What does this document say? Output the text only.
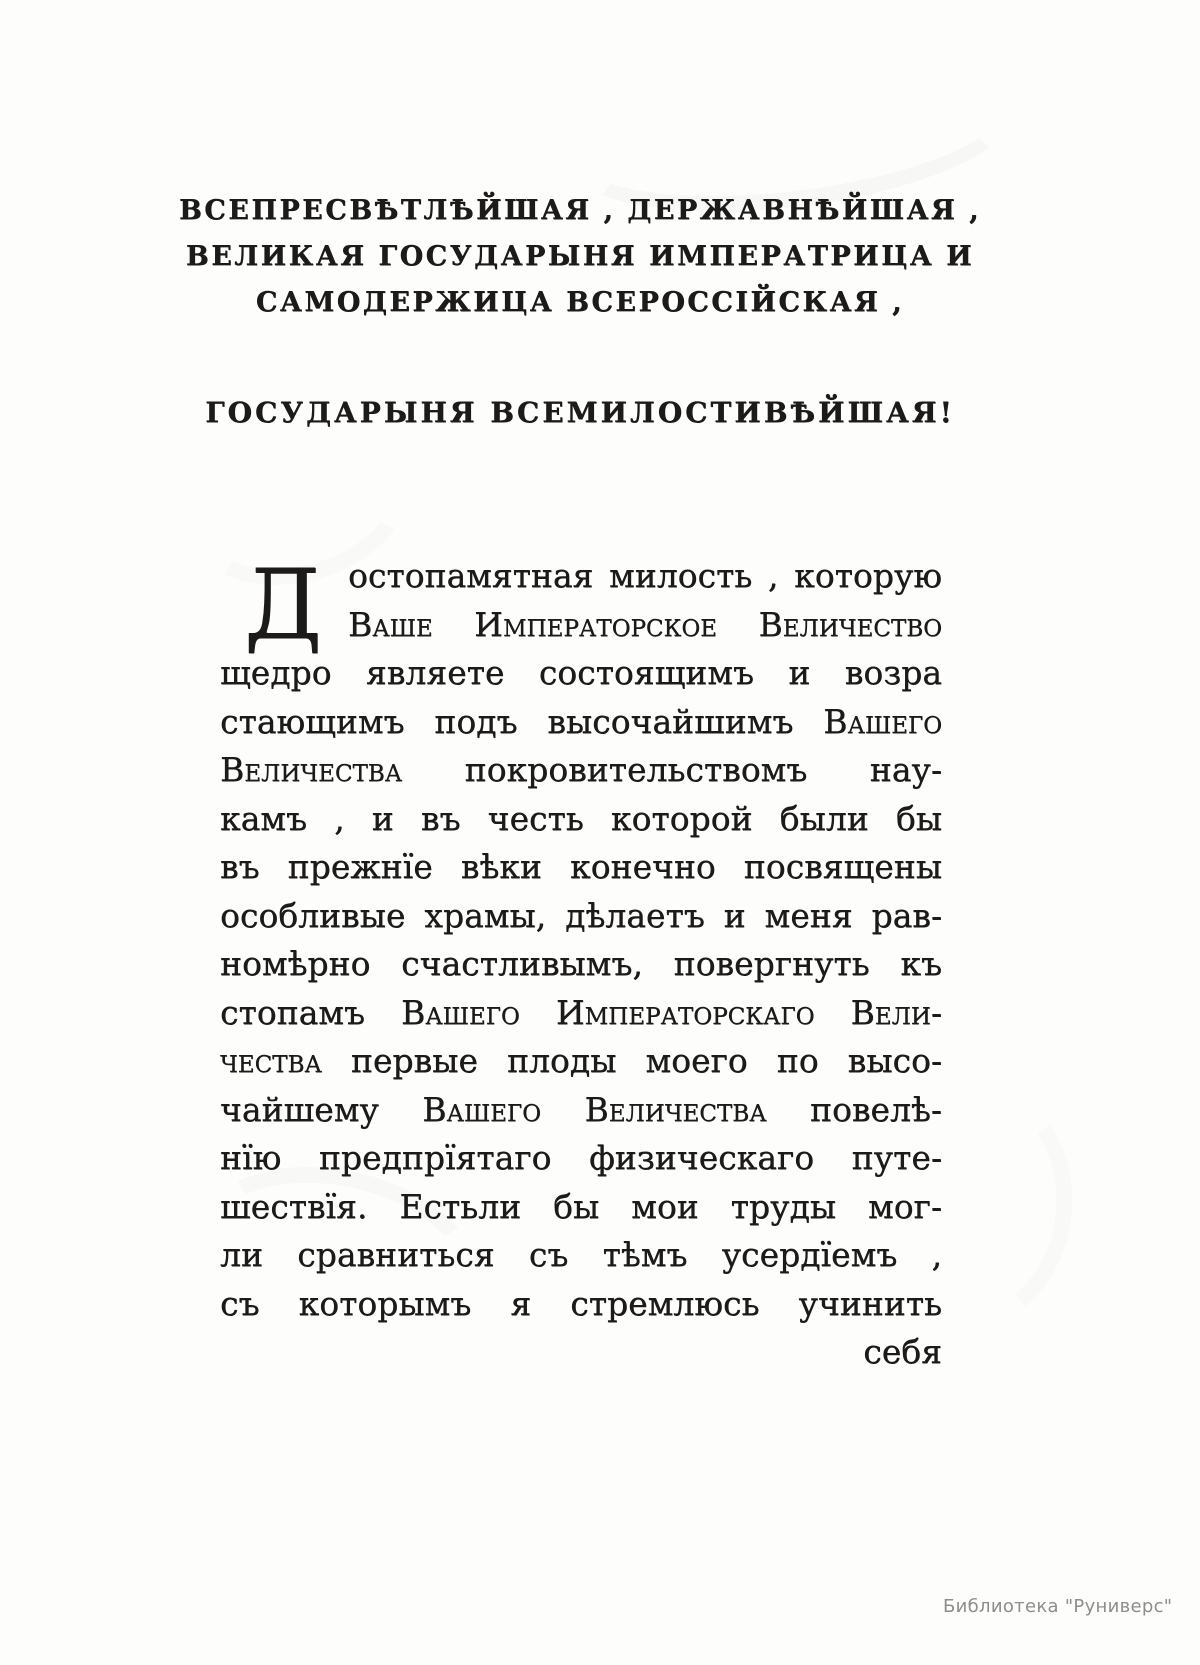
ВСЕПРЕСВѢТЛѢЙШАЯ , ДЕРЖАВНѢЙШАЯ ,
ВЕЛИКАЯ ГОСУДАРЫНЯ ИМПЕРАТРИЦА И
САМОДЕРЖИЦА ВСЕРОССІЙСКАЯ ,
ГОСУДАРЫНЯ ВСЕМИЛОСТИВѢЙШАЯ!
Д остопамятная милость , которую
Ваше Императорское Величество
щедро являете состоящимъ и возра
стающимъ подъ высочайшимъ Вашего
Величества покровительствомъ нау-
камъ , и въ честь которой были бы
въ прежнїе вѣки конечно посвящены
особливые храмы, дѣлаетъ и меня рав-
номѣрно счастливымъ, повергнуть къ
стопамъ Вашего Императорскаго Вели-
чества первые плоды моего по высо-
чайшему Вашего Величества повелѣ-
нїю предпрїятаго физическаго путе-
шествїя. Естьли бы мои труды мог-
ли сравниться съ тѣмъ усердїемъ ,
съ которымъ я стремлюсь учинить
себя
Библиотека "Руниверс"
